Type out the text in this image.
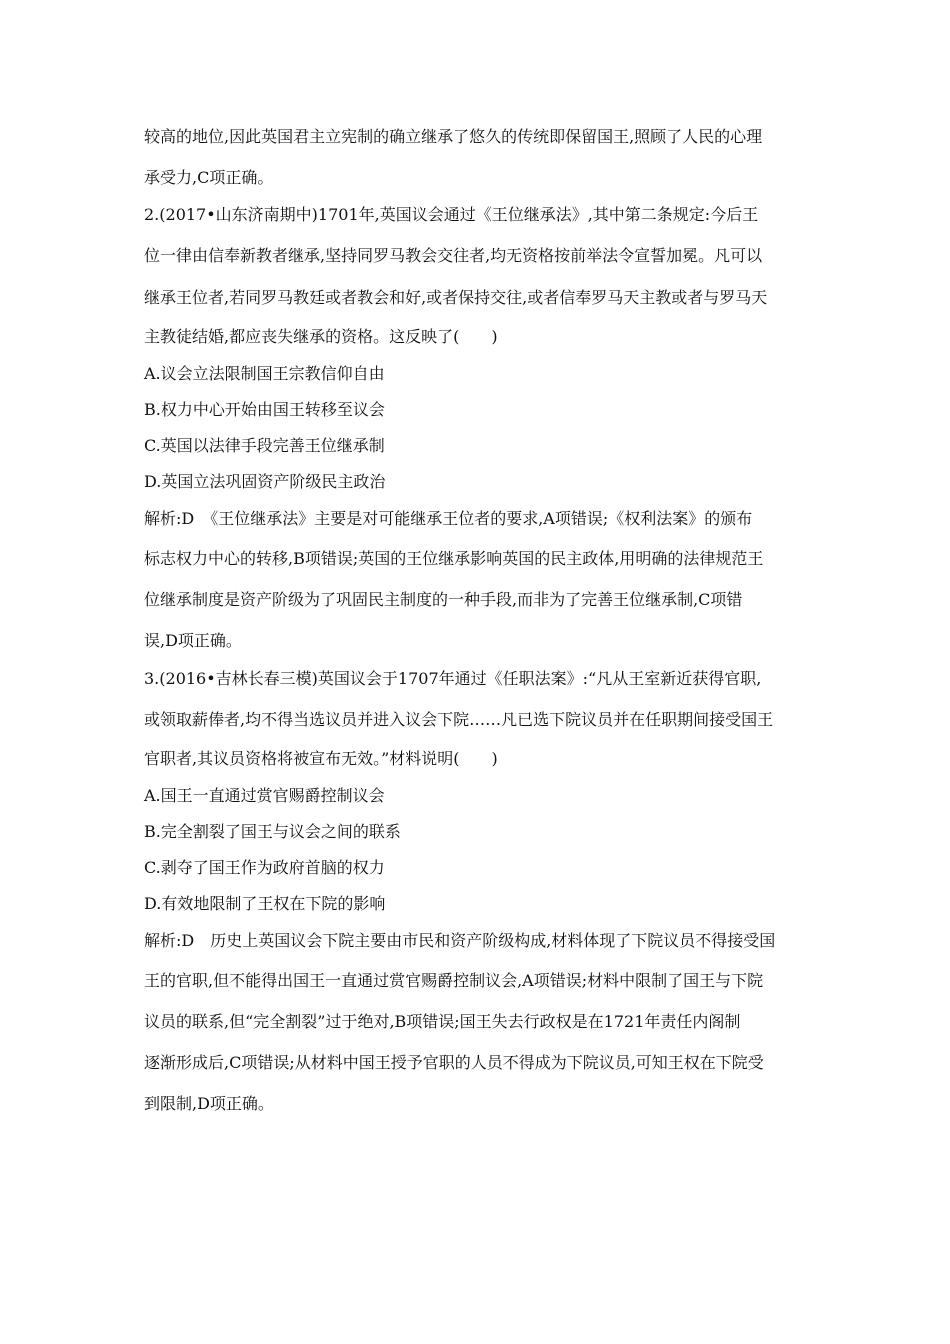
较高的地位,因此英国君主立宪制的确立继承了悠久的传统即保留国王,照顾了人民的心理
承受力,C项正确。
2.(2017•山东济南期中)1701年,英国议会通过《王位继承法》,其中第二条规定:今后王
位一律由信奉新教者继承,坚持同罗马教会交往者,均无资格按前举法令宣誓加冕。凡可以
继承王位者,若同罗马教廷或者教会和好,或者保持交往,或者信奉罗马天主教或者与罗马天
主教徒结婚,都应丧失继承的资格。这反映了(　　)
A.议会立法限制国王宗教信仰自由
B.权力中心开始由国王转移至议会
C.英国以法律手段完善王位继承制
D.英国立法巩固资产阶级民主政治
解析:D　《王位继承法》主要是对可能继承王位者的要求,A项错误;《权利法案》的颁布
标志权力中心的转移,B项错误;英国的王位继承影响英国的民主政体,用明确的法律规范王
位继承制度是资产阶级为了巩固民主制度的一种手段,而非为了完善王位继承制,C项错
误,D项正确。
3.(2016•吉林长春三模)英国议会于1707年通过《任职法案》:“凡从王室新近获得官职,
或领取薪俸者,均不得当选议员并进入议会下院……凡已选下院议员并在任职期间接受国王
官职者,其议员资格将被宣布无效。”材料说明(　　)
A.国王一直通过赏官赐爵控制议会
B.完全割裂了国王与议会之间的联系
C.剥夺了国王作为政府首脑的权力
D.有效地限制了王权在下院的影响
解析:D　历史上英国议会下院主要由市民和资产阶级构成,材料体现了下院议员不得接受国
王的官职,但不能得出国王一直通过赏官赐爵控制议会,A项错误;材料中限制了国王与下院
议员的联系,但“完全割裂”过于绝对,B项错误;国王失去行政权是在1721年责任内阁制
逐渐形成后,C项错误;从材料中国王授予官职的人员不得成为下院议员,可知王权在下院受
到限制,D项正确。
